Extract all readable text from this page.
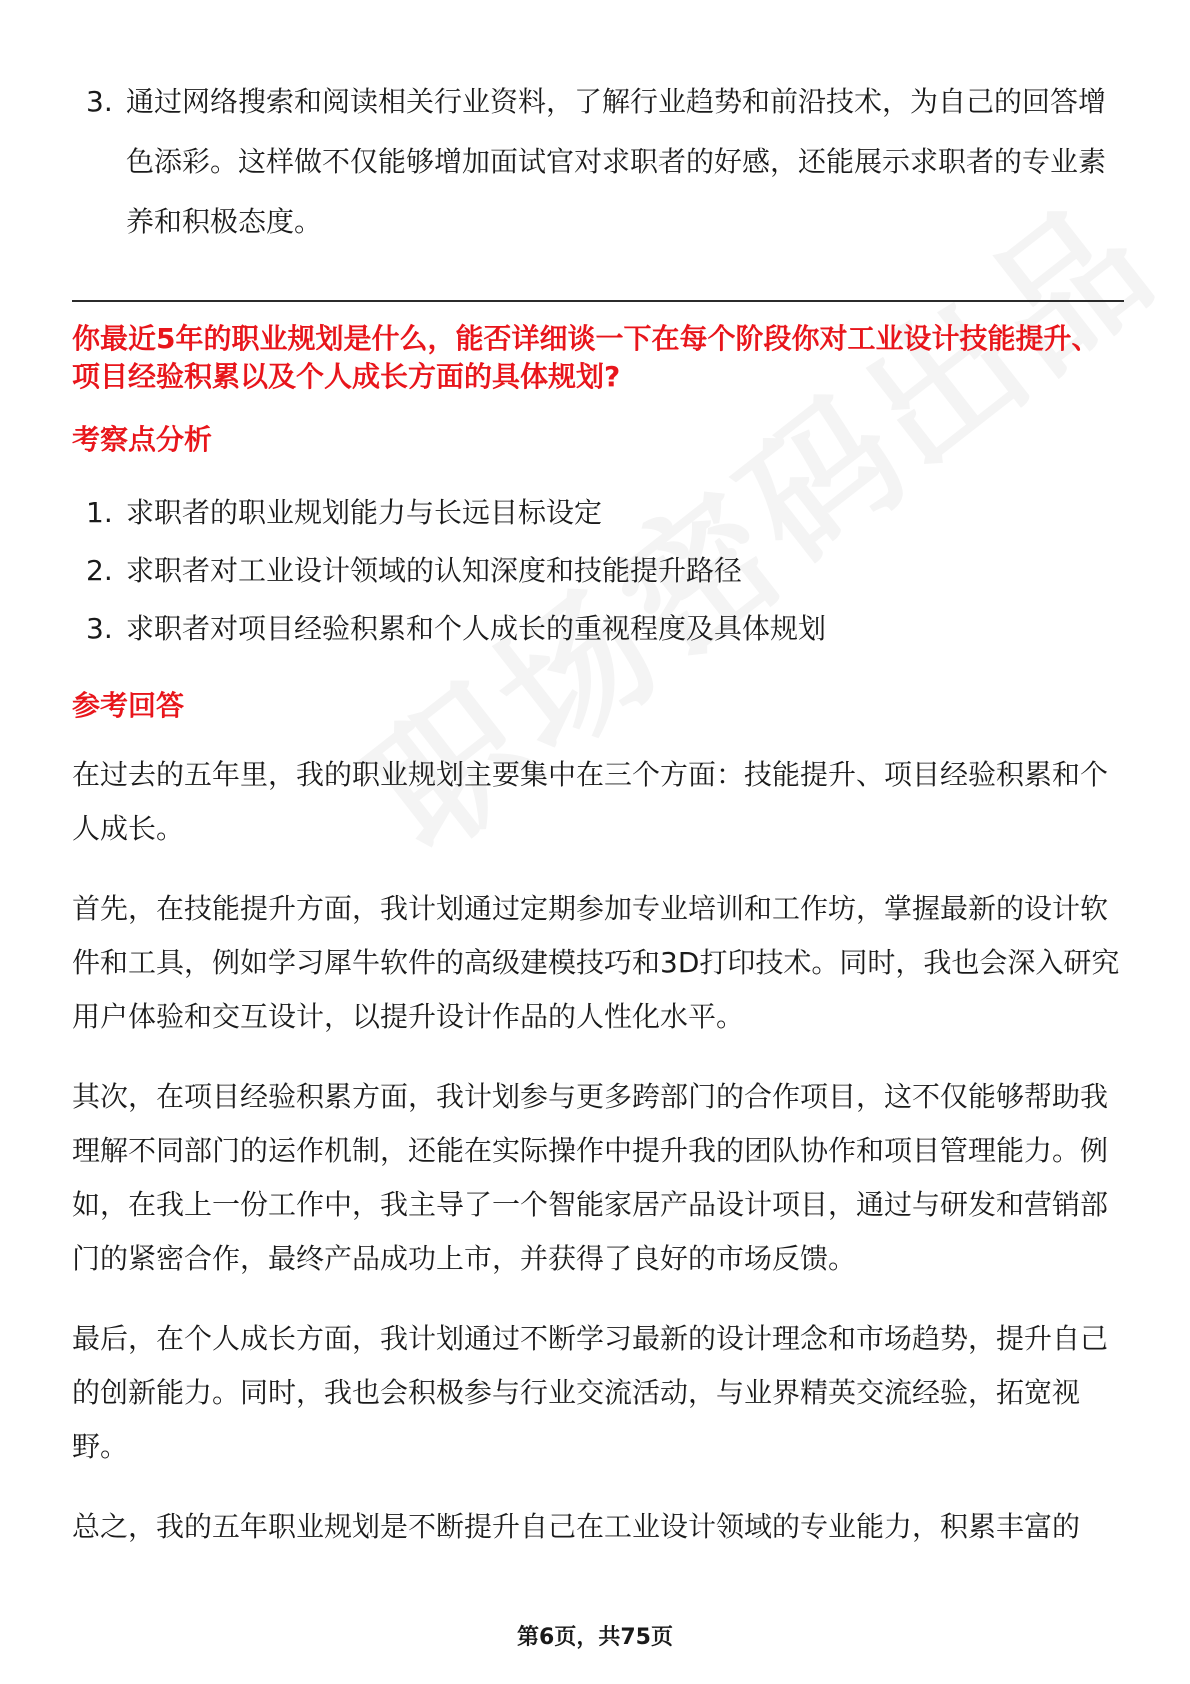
3. 通过网络搜索和阅读相关行业资料，了解行业趋势和前沿技术，为自己的回答增色添彩。这样做不仅能够增加面试官对求职者的好感，还能展示求职者的专业素养和积极态度。
你最近5年的职业规划是什么，能否详细谈一下在每个阶段你对工业设计技能提升、项目经验积累以及个人成长方面的具体规划?
考察点分析
1. 求职者的职业规划能力与长远目标设定
2. 求职者对工业设计领域的认知深度和技能提升路径
3. 求职者对项目经验积累和个人成长的重视程度及具体规划
参考回答

在过去的五年里，我的职业规划主要集中在三个方面：技能提升、项目经验积累和个人成长。

首先，在技能提升方面，我计划通过定期参加专业培训和工作坊，掌握最新的设计软件和工具，例如学习犀牛软件的高级建模技巧和3D打印技术。同时，我也会深入研究用户体验和交互设计，以提升设计作品的人性化水平。

其次，在项目经验积累方面，我计划参与更多跨部门的合作项目，这不仅能够帮助我理解不同部门的运作机制，还能在实际操作中提升我的团队协作和项目管理能力。例如，在我上一份工作中，我主导了一个智能家居产品设计项目，通过与研发和营销部门的紧密合作，最终产品成功上市，并获得了良好的市场反馈。

最后，在个人成长方面，我计划通过不断学习最新的设计理念和市场趋势，提升自己的创新能力。同时，我也会积极参与行业交流活动，与业界精英交流经验，拓宽视野。

总之，我的五年职业规划是不断提升自己在工业设计领域的专业能力，积累丰富的

第6页，共75页
